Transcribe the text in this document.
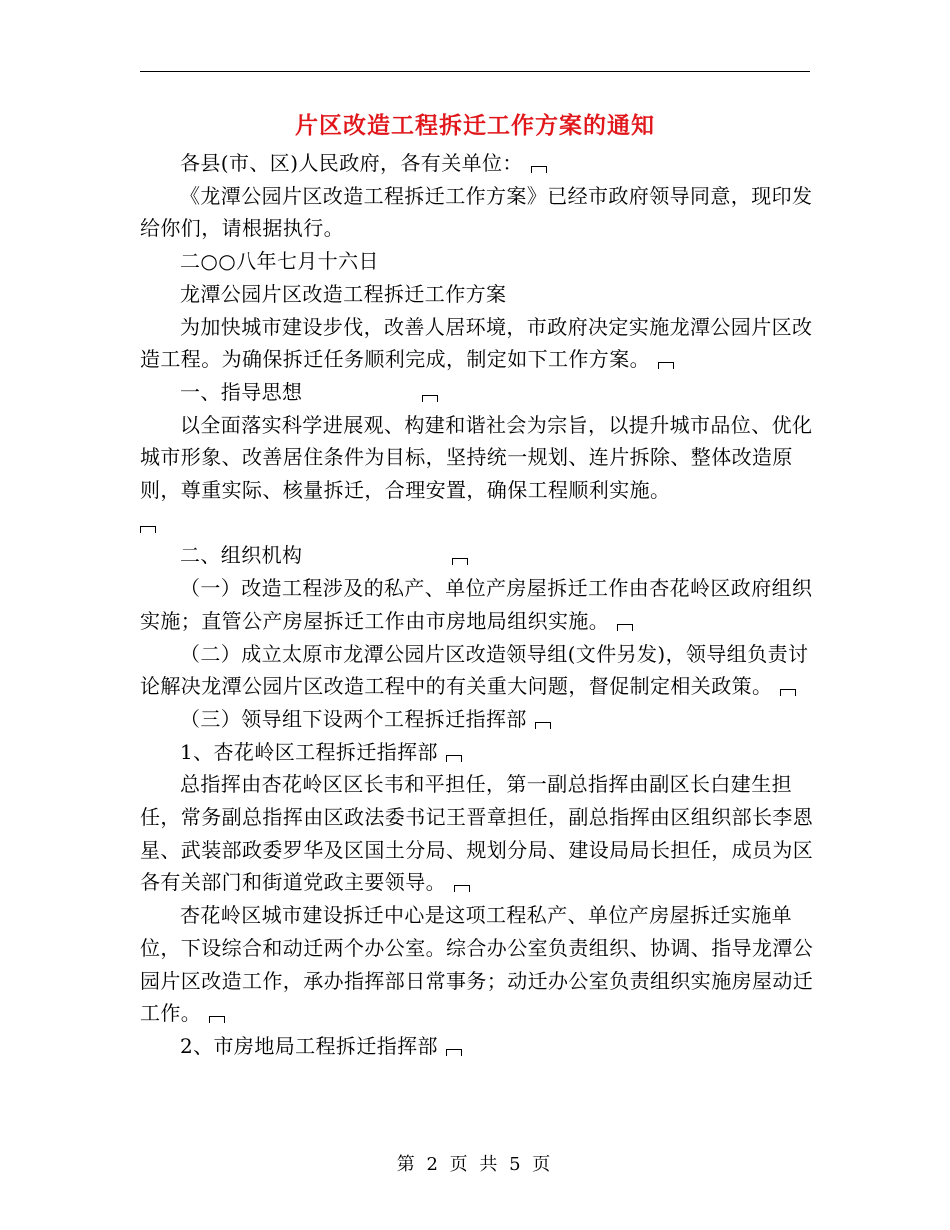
片区改造工程拆迁工作方案的通知

各县(市、区)人民政府，各有关单位：

《龙潭公园片区改造工程拆迁工作方案》已经市政府领导同意，现印发给你们，请根据执行。

二○○八年七月十六日

龙潭公园片区改造工程拆迁工作方案

为加快城市建设步伐，改善人居环境，市政府决定实施龙潭公园片区改造工程。为确保拆迁任务顺利完成，制定如下工作方案。

一、指导思想

以全面落实科学进展观、构建和谐社会为宗旨，以提升城市品位、优化城市形象、改善居住条件为目标，坚持统一规划、连片拆除、整体改造原则，尊重实际、核量拆迁，合理安置，确保工程顺利实施。

二、组织机构

（一）改造工程涉及的私产、单位产房屋拆迁工作由杏花岭区政府组织实施；直管公产房屋拆迁工作由市房地局组织实施。

（二）成立太原市龙潭公园片区改造领导组(文件另发)，领导组负责讨论解决龙潭公园片区改造工程中的有关重大问题，督促制定相关政策。

（三）领导组下设两个工程拆迁指挥部

1、杏花岭区工程拆迁指挥部

总指挥由杏花岭区区长韦和平担任，第一副总指挥由副区长白建生担任，常务副总指挥由区政法委书记王晋章担任，副总指挥由区组织部长李恩星、武装部政委罗华及区国土分局、规划分局、建设局局长担任，成员为区各有关部门和街道党政主要领导。

杏花岭区城市建设拆迁中心是这项工程私产、单位产房屋拆迁实施单位，下设综合和动迁两个办公室。综合办公室负责组织、协调、指导龙潭公园片区改造工作，承办指挥部日常事务；动迁办公室负责组织实施房屋动迁工作。

2、市房地局工程拆迁指挥部

第 2 页 共 5 页
